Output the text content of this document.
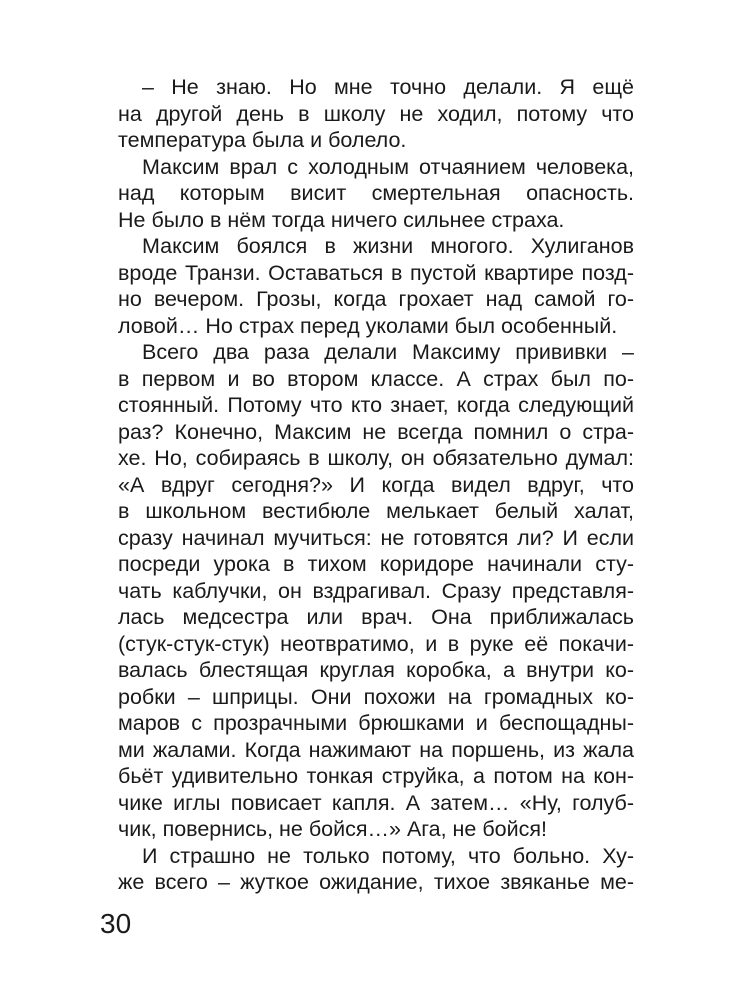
– Не знаю. Но мне точно делали. Я ещё
на другой день в школу не ходил, потому что
температура была и болело.
Максим врал с холодным отчаянием человека,
над которым висит смертельная опасность.
Не было в нём тогда ничего сильнее страха.
Максим боялся в жизни многого. Хулиганов
вроде Транзи. Оставаться в пустой квартире позд-
но вечером. Грозы, когда грохает над самой го-
ловой… Но страх перед уколами был особенный.
Всего два раза делали Максиму прививки –
в первом и во втором классе. А страх был по-
стоянный. Потому что кто знает, когда следующий
раз? Конечно, Максим не всегда помнил о стра-
хе. Но, собираясь в школу, он обязательно думал:
«А вдруг сегодня?» И когда видел вдруг, что
в школьном вестибюле мелькает белый халат,
сразу начинал мучиться: не готовятся ли? И если
посреди урока в тихом коридоре начинали сту-
чать каблучки, он вздрагивал. Сразу представля-
лась медсестра или врач. Она приближалась
(стук-стук-стук) неотвратимо, и в руке её покачи-
валась блестящая круглая коробка, а внутри ко-
робки – шприцы. Они похожи на громадных ко-
маров с прозрачными брюшками и беспощадны-
ми жалами. Когда нажимают на поршень, из жала
бьёт удивительно тонкая струйка, а потом на кон-
чике иглы повисает капля. А затем… «Ну, голуб-
чик, повернись, не бойся…» Ага, не бойся!
И страшно не только потому, что больно. Ху-
же всего – жуткое ожидание, тихое звяканье ме-
30
